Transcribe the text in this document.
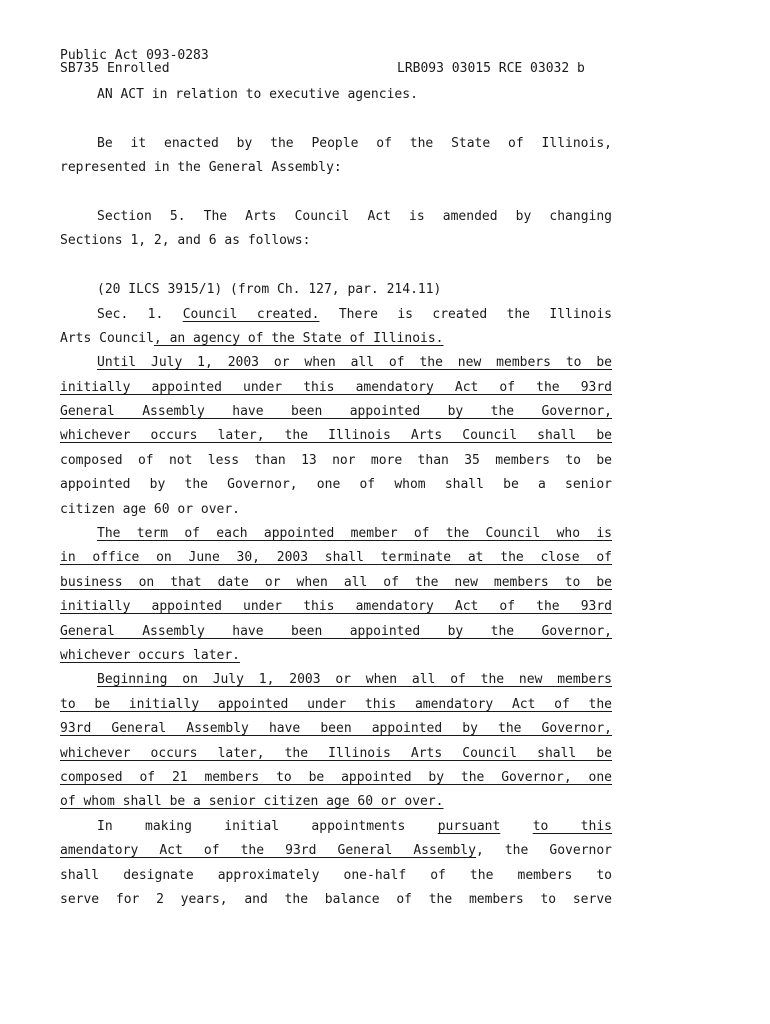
Public Act 093-0283
SB735 Enrolled	LRB093 03015 RCE 03032 b
AN ACT in relation to executive agencies.
Be it enacted by the People of the State of Illinois,
represented in the General Assembly:
Section 5. The Arts Council Act is amended by changing
Sections 1, 2, and 6 as follows:
(20 ILCS 3915/1) (from Ch. 127, par. 214.11)
Sec. 1. Council created. There is created the Illinois
Arts Council, an agency of the State of Illinois.
Until July 1, 2003 or when all of the new members to be
initially appointed under this amendatory Act of the 93rd
General Assembly have been appointed by the Governor,
whichever occurs later, the Illinois Arts Council shall be
composed of not less than 13 nor more than 35 members to be
appointed by the Governor, one of whom shall be a senior
citizen age 60 or over.
The term of each appointed member of the Council who is
in office on June 30, 2003 shall terminate at the close of
business on that date or when all of the new members to be
initially appointed under this amendatory Act of the 93rd
General Assembly have been appointed by the Governor,
whichever occurs later.
Beginning on July 1, 2003 or when all of the new members
to be initially appointed under this amendatory Act of the
93rd General Assembly have been appointed by the Governor,
whichever occurs later, the Illinois Arts Council shall be
composed of 21 members to be appointed by the Governor, one
of whom shall be a senior citizen age 60 or over.
In making initial appointments pursuant to this
amendatory Act of the 93rd General Assembly, the Governor
shall designate approximately one-half of the members to
serve for 2 years, and the balance of the members to serve
